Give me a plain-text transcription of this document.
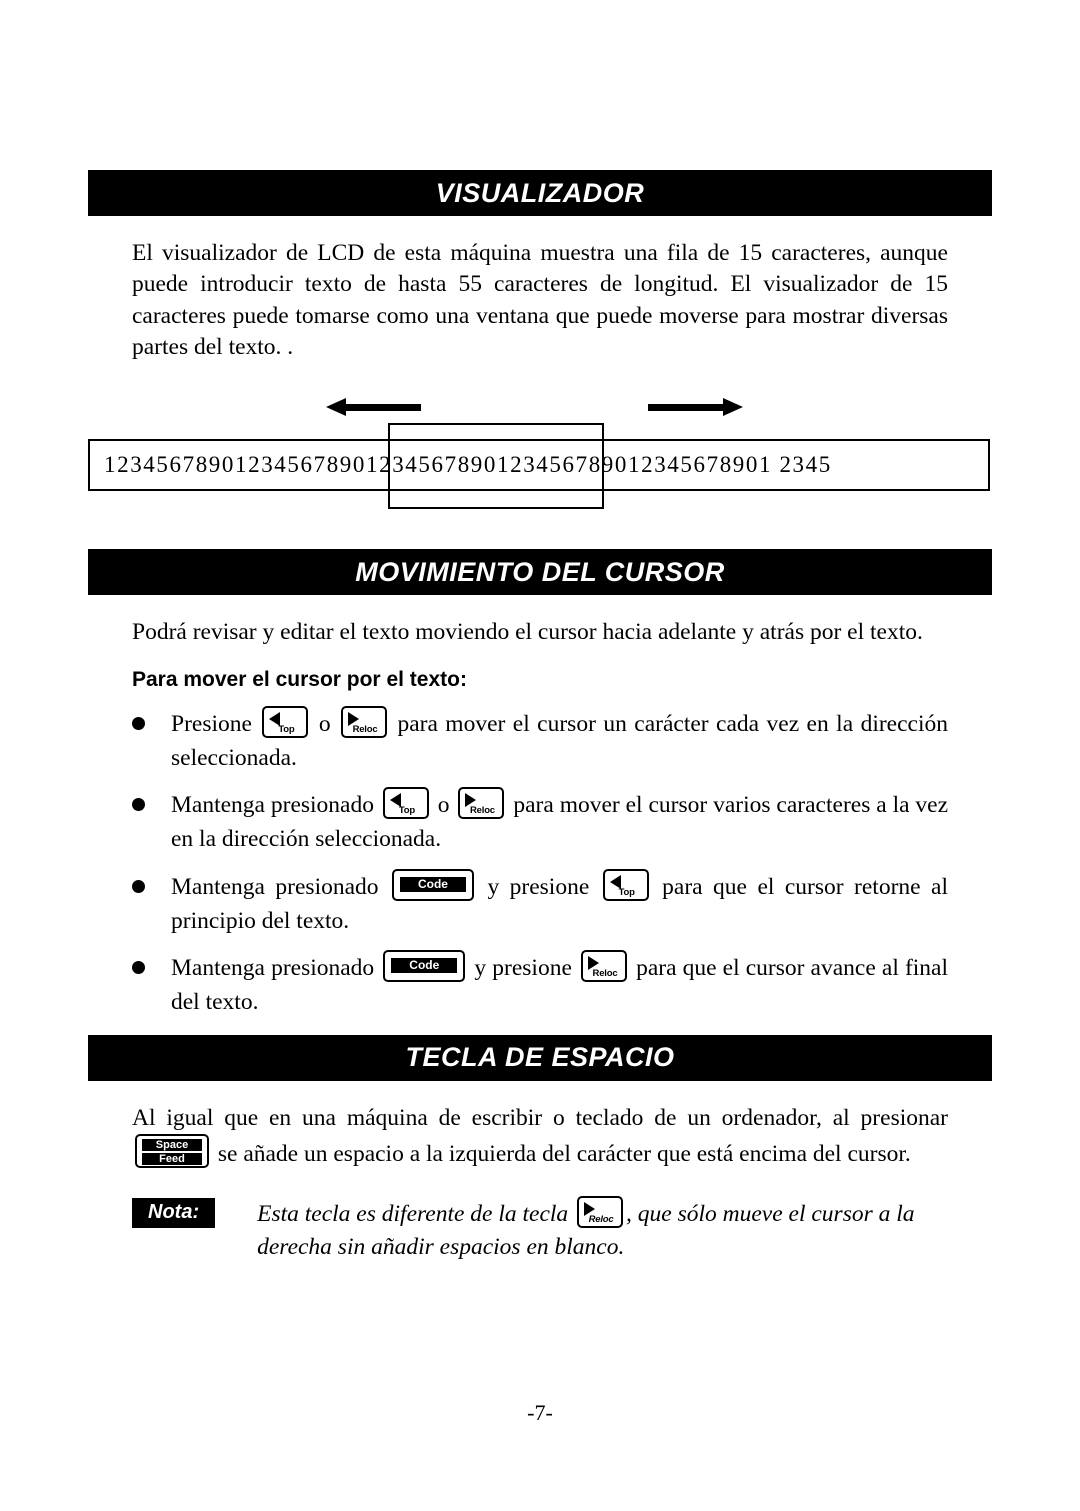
VISUALIZADOR

El visualizador de LCD de esta máquina muestra una fila de 15 caracteres, aunque puede introducir texto de hasta 55 caracteres de longitud. El visualizador de 15 caracteres puede tomarse como una ventana que puede moverse para mostrar diversas partes del texto. .

123456789012345678901234567890123456789012345678901 2345
MOVIMIENTO DEL CURSOR

Podrá revisar y editar el texto moviendo el cursor hacia adelante y atrás por el texto.

Para mover el cursor por el texto:
Presione	Top	o	Reloc para mover el cursor un carácter cada vez en la dirección seleccionada.
Mantenga presionado	Top o	Reloc para mover el cursor varios caracteres a la vez en la dirección seleccionada.
Mantenga presionado	Code	y presione	Top	para que el cursor retorne al principio del texto.
Mantenga presionado	Code	y presione	Reloc para que el cursor avance al final del texto.
TECLA DE ESPACIO

Al igual que en una máquina de escribir o teclado de un ordenador, al presionar
Space
Feed	se añade un espacio a la izquierda del carácter que está encima del cursor.

Nota:	Esta tecla es diferente de la tecla	Reloc , que sólo mueve el cursor a la derecha sin añadir espacios en blanco.
-7-
